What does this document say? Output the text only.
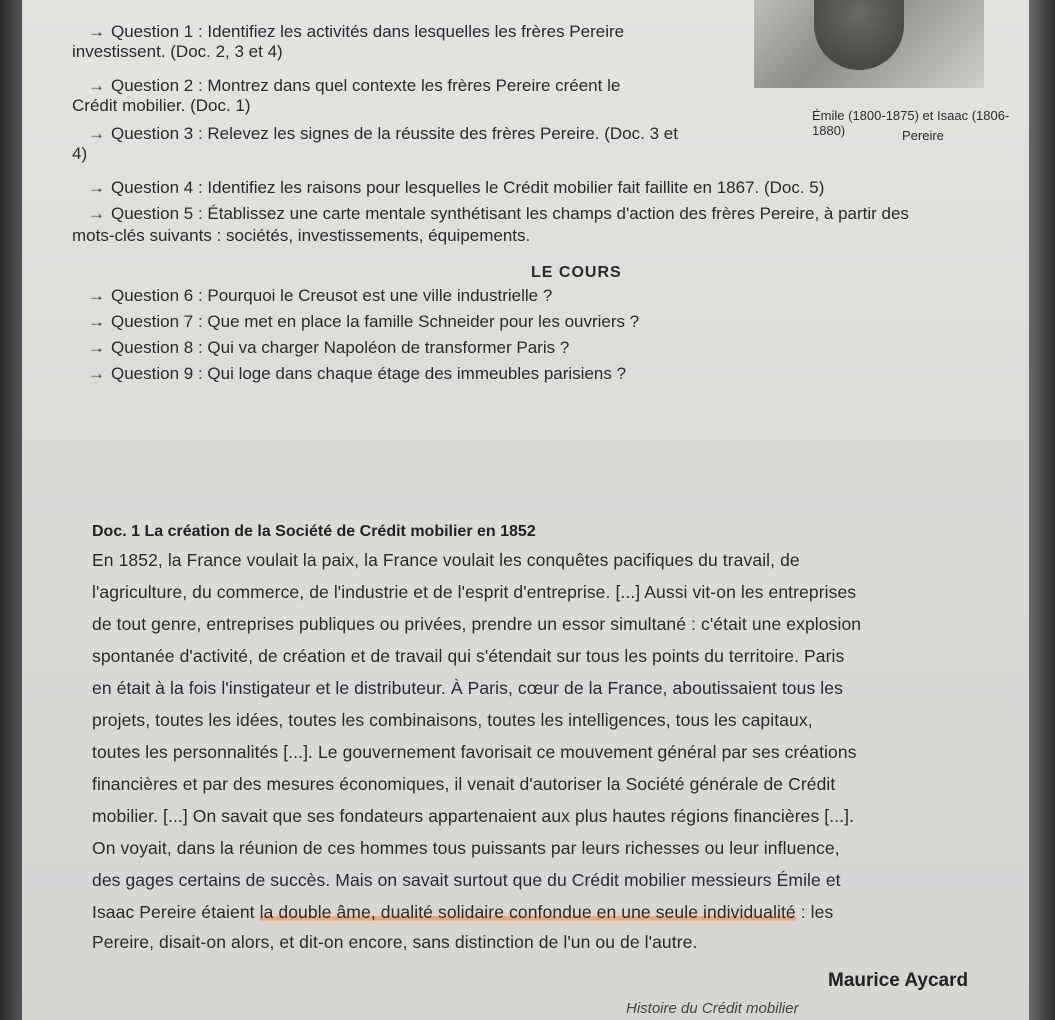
Émile (1800-1875) et Isaac (1806-1880)	Pereire
→ Question 1 : Identifiez les activités dans lesquelles les frères Pereire
investissent. (Doc. 2, 3 et 4)
→ Question 2 : Montrez dans quel contexte les frères Pereire créent le
Crédit mobilier. (Doc. 1)
→ Question 3 : Relevez les signes de la réussite des frères Pereire. (Doc. 3 et
4)
→ Question 4 : Identifiez les raisons pour lesquelles le Crédit mobilier fait faillite en 1867. (Doc. 5)
→ Question 5 : Établissez une carte mentale synthétisant les champs d'action des frères Pereire, à partir des
mots-clés suivants : sociétés, investissements, équipements.
LE COURS
→ Question 6 : Pourquoi le Creusot est une ville industrielle ?
→ Question 7 : Que met en place la famille Schneider pour les ouvriers ?
→ Question 8 : Qui va charger Napoléon de transformer Paris ?
→ Question 9 : Qui loge dans chaque étage des immeubles parisiens ?
Doc. 1 La création de la Société de Crédit mobilier en 1852
En 1852, la France voulait la paix, la France voulait les conquêtes pacifiques du travail, de
l'agriculture, du commerce, de l'industrie et de l'esprit d'entreprise. [...] Aussi vit-on les entreprises
de tout genre, entreprises publiques ou privées, prendre un essor simultané : c'était une explosion
spontanée d'activité, de création et de travail qui s'étendait sur tous les points du territoire. Paris
en était à la fois l'instigateur et le distributeur. À Paris, cœur de la France, aboutissaient tous les
projets, toutes les idées, toutes les combinaisons, toutes les intelligences, tous les capitaux,
toutes les personnalités [...]. Le gouvernement favorisait ce mouvement général par ses créations
financières et par des mesures économiques, il venait d'autoriser la Société générale de Crédit
mobilier. [...] On savait que ses fondateurs appartenaient aux plus hautes régions financières [...].
On voyait, dans la réunion de ces hommes tous puissants par leurs richesses ou leur influence,
des gages certains de succès. Mais on savait surtout que du Crédit mobilier messieurs Émile et
Isaac Pereire étaient la double âme, dualité solidaire confondue en une seule individualité : les
Pereire, disait-on alors, et dit-on encore, sans distinction de l'un ou de l'autre.
Maurice Aycard
Histoire du Crédit mobilier
